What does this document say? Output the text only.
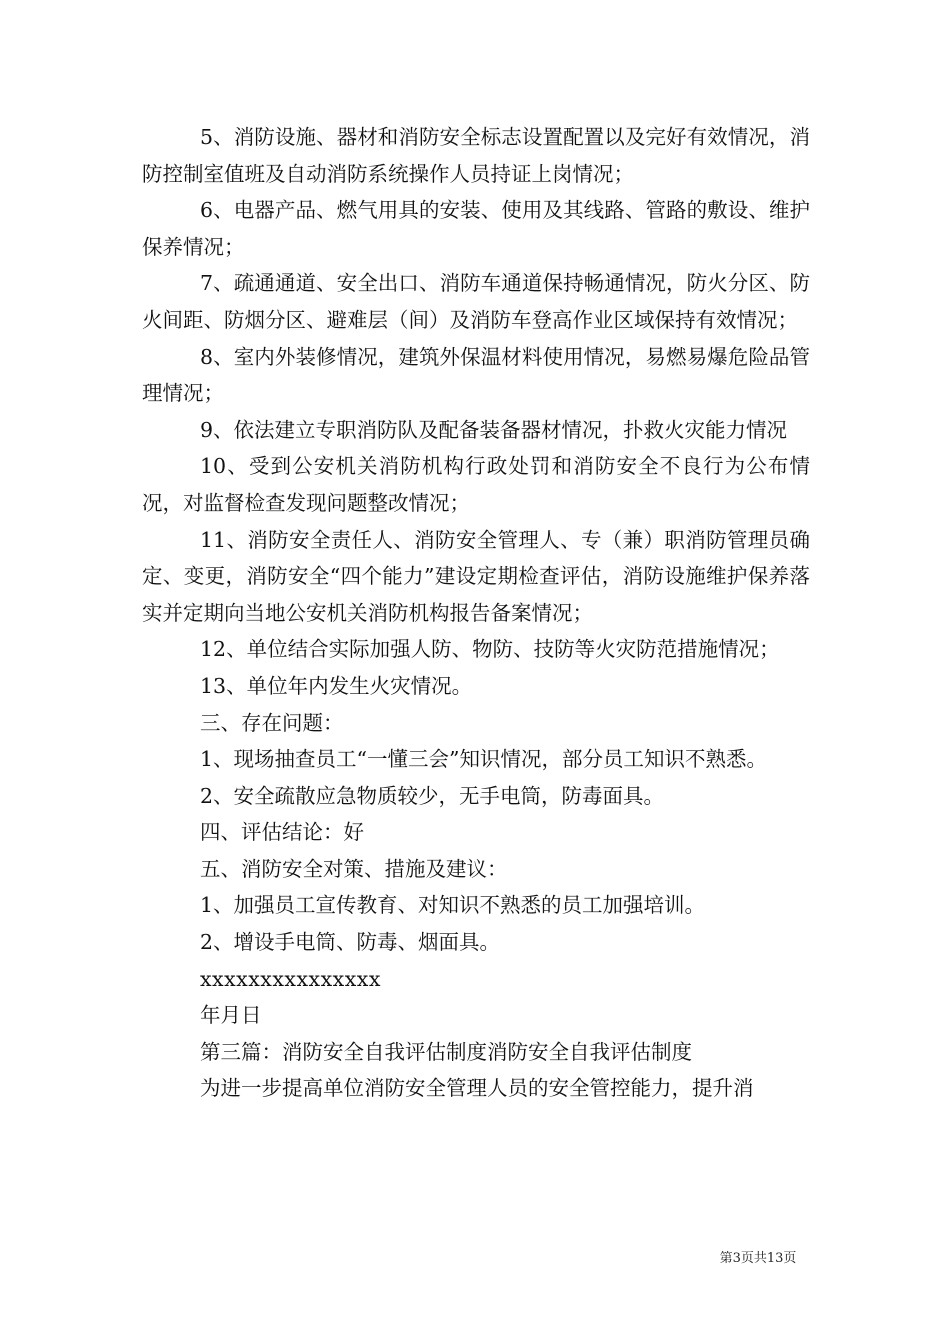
5、消防设施、器材和消防安全标志设置配置以及完好有效情况，消防控制室值班及自动消防系统操作人员持证上岗情况；

6、电器产品、燃气用具的安装、使用及其线路、管路的敷设、维护保养情况；

7、疏通通道、安全出口、消防车通道保持畅通情况，防火分区、防火间距、防烟分区、避难层（间）及消防车登高作业区域保持有效情况；

8、室内外装修情况，建筑外保温材料使用情况，易燃易爆危险品管理情况；

9、依法建立专职消防队及配备装备器材情况，扑救火灾能力情况

10、受到公安机关消防机构行政处罚和消防安全不良行为公布情况，对监督检查发现问题整改情况；

11、消防安全责任人、消防安全管理人、专（兼）职消防管理员确定、变更，消防安全“四个能力”建设定期检查评估，消防设施维护保养落实并定期向当地公安机关消防机构报告备案情况；

12、单位结合实际加强人防、物防、技防等火灾防范措施情况；

13、单位年内发生火灾情况。

三、存在问题：

1、现场抽查员工“一懂三会”知识情况，部分员工知识不熟悉。

2、安全疏散应急物质较少，无手电筒，防毒面具。

四、评估结论：好

五、消防安全对策、措施及建议：

1、加强员工宣传教育、对知识不熟悉的员工加强培训。

2、增设手电筒、防毒、烟面具。

xxxxxxxxxxxxxxx

年月日

第三篇：消防安全自我评估制度消防安全自我评估制度

为进一步提高单位消防安全管理人员的安全管控能力，提升消

第3页共13页
